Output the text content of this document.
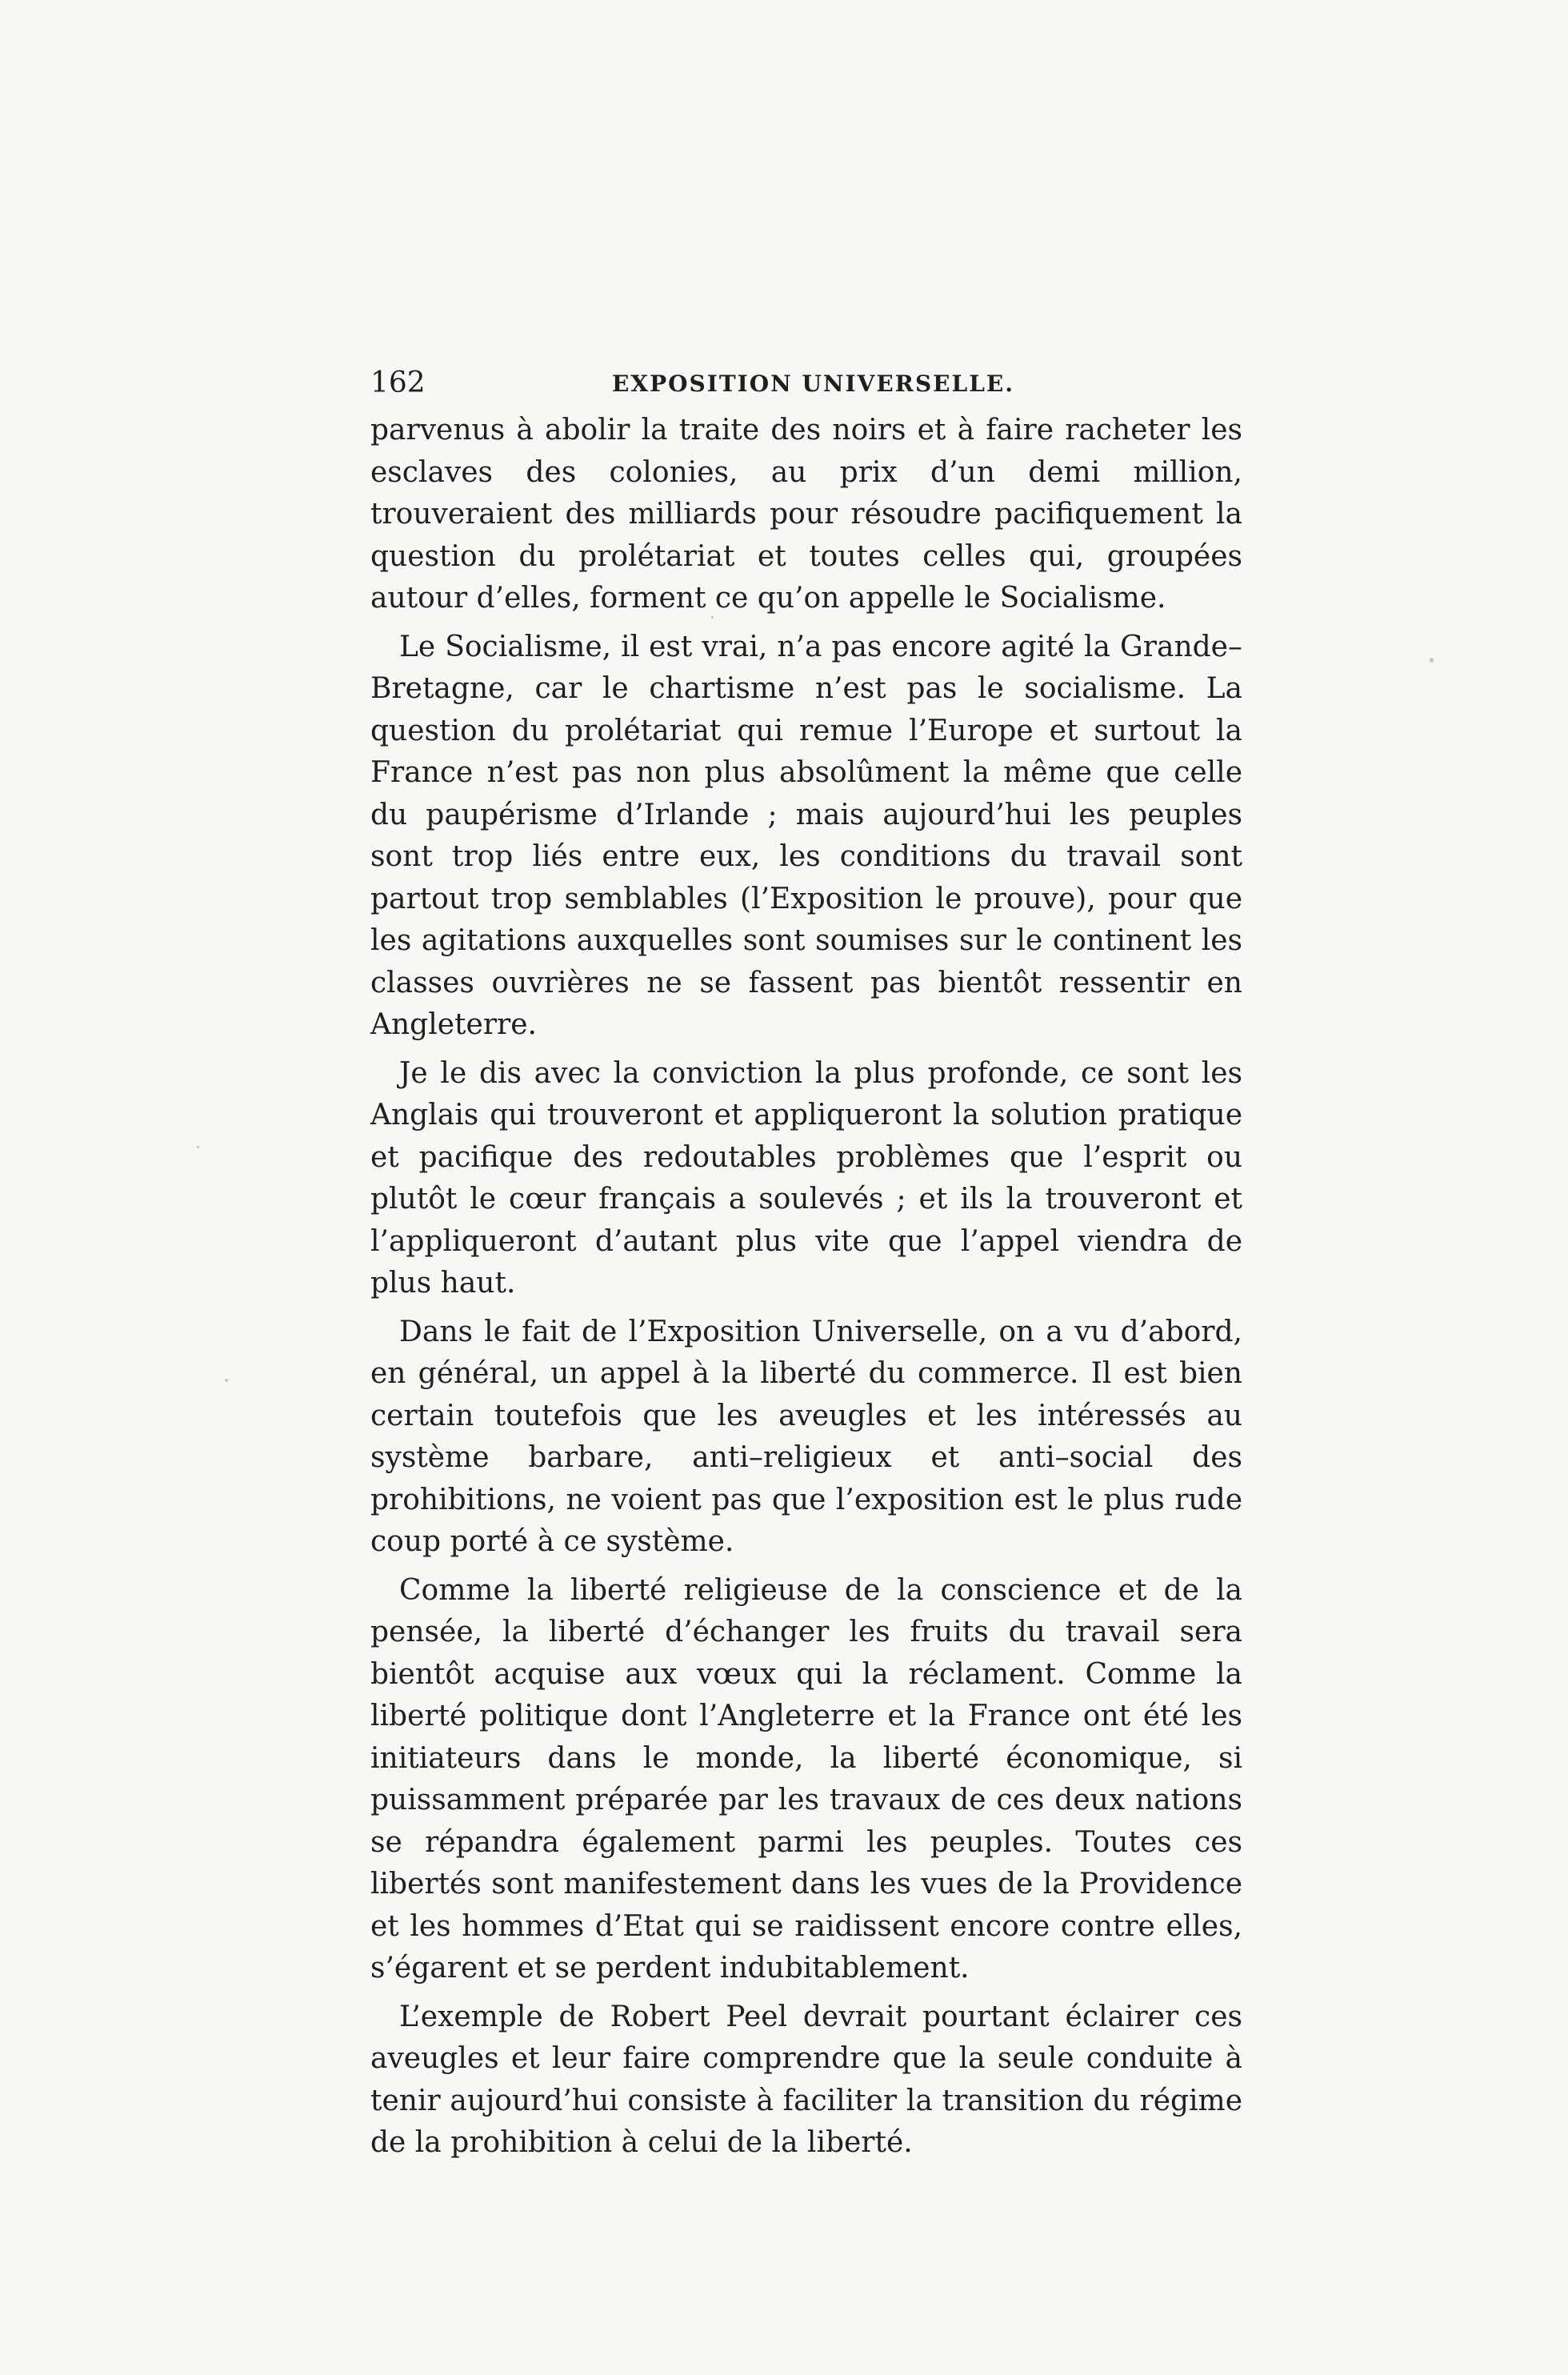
162	EXPOSITION UNIVERSELLE.

parvenus à abolir la traite des noirs et à faire racheter les esclaves des colonies, au prix d’un demi million, trouveraient des milliards pour résoudre pacifiquement la question du prolétariat et toutes celles qui, groupées autour d’elles, forment ce qu’on appelle le Socialisme.

Le Socialisme, il est vrai, n’a pas encore agité la Grande–Bretagne, car le chartisme n’est pas le socialisme. La question du prolétariat qui remue l’Europe et surtout la France n’est pas non plus absolûment la même que celle du paupérisme d’Irlande ; mais aujourd’hui les peuples sont trop liés entre eux, les conditions du travail sont partout trop semblables (l’Exposition le prouve), pour que les agitations auxquelles sont soumises sur le continent les classes ouvrières ne se fassent pas bientôt ressentir en Angleterre.

Je le dis avec la conviction la plus profonde, ce sont les Anglais qui trouveront et appliqueront la solution pratique et pacifique des redoutables problèmes que l’esprit ou plutôt le cœur français a soulevés ; et ils la trouveront et l’appliqueront d’autant plus vite que l’appel viendra de plus haut.

Dans le fait de l’Exposition Universelle, on a vu d’abord, en général, un appel à la liberté du commerce. Il est bien certain toutefois que les aveugles et les intéressés au système barbare, anti–religieux et anti–social des prohibitions, ne voient pas que l’exposition est le plus rude coup porté à ce système.

Comme la liberté religieuse de la conscience et de la pensée, la liberté d’échanger les fruits du travail sera bientôt acquise aux vœux qui la réclament. Comme la liberté politique dont l’Angleterre et la France ont été les initiateurs dans le monde, la liberté économique, si puissamment préparée par les travaux de ces deux nations se répandra également parmi les peuples. Toutes ces libertés sont manifestement dans les vues de la Providence et les hommes d’Etat qui se raidissent encore contre elles, s’égarent et se perdent indubitablement.

L’exemple de Robert Peel devrait pourtant éclairer ces aveugles et leur faire comprendre que la seule conduite à tenir aujourd’hui consiste à faciliter la transition du régime de la prohibition à celui de la liberté.
